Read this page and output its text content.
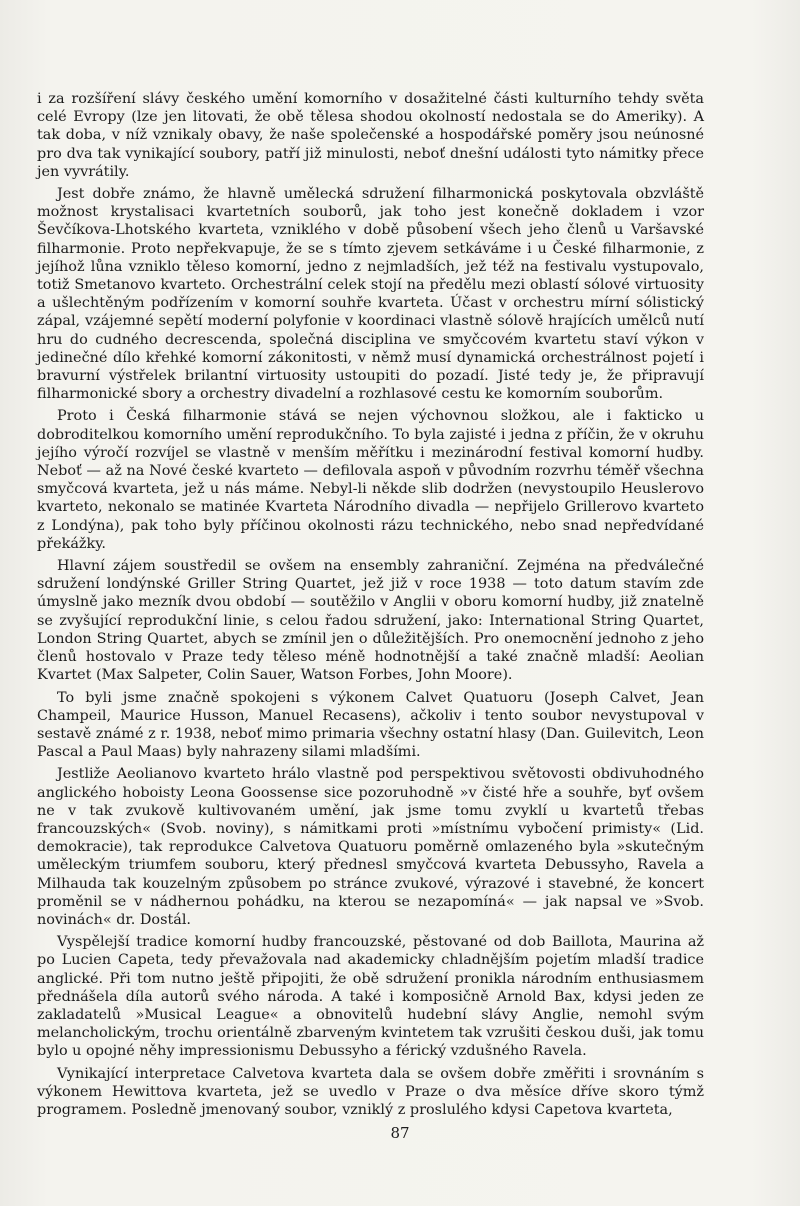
i za rozšíření slávy českého umění komorního v dosažitelné části kulturního tehdy světa celé Evropy (lze jen litovati, že obě tělesa shodou okolností nedostala se do Ameriky). A tak doba, v níž vznikaly obavy, že naše společenské a hospodářské poměry jsou neúnosné pro dva tak vynikající soubory, patří již minulosti, neboť dnešní události tyto námitky přece jen vyvrátily.

Jest dobře známo, že hlavně umělecká sdružení filharmonická poskytovala obzvláště možnost krystalisaci kvartetních souborů, jak toho jest konečně dokladem i vzor Ševčíkova-Lhotského kvarteta, vzniklého v době působení všech jeho členů u Varšavské filharmonie. Proto nepřekvapuje, že se s tímto zjevem setkáváme i u České filharmonie, z jejíhož lůna vzniklo těleso komorní, jedno z nejmladších, jež též na festivalu vystupovalo, totiž Smetanovo kvarteto. Orchestrální celek stojí na předělu mezi oblastí sólové virtuosity a ušlechtěným podřízením v komorní souhře kvarteta. Účast v orchestru mírní sólistický zápal, vzájemné sepětí moderní polyfonie v koordinaci vlastně sólově hrajících umělců nutí hru do cudného decrescenda, společná disciplina ve smyčcovém kvartetu staví výkon v jedinečné dílo křehké komorní zákonitosti, v němž musí dynamická orchestrálnost pojetí i bravurní výstřelek brilantní virtuosity ustoupiti do pozadí. Jisté tedy je, že připravují filharmonické sbory a orchestry divadelní a rozhlasové cestu ke komorním souborům.

Proto i Česká filharmonie stává se nejen výchovnou složkou, ale i fakticko u dobroditelkou komorního umění reprodukčního. To byla zajisté i jedna z příčin, že v okruhu jejího výročí rozvíjel se vlastně v menším měřítku i mezinárodní festival komorní hudby. Neboť — až na Nové české kvarteto — defilovala aspoň v původním rozvrhu téměř všechna smyčcová kvarteta, jež u nás máme. Nebyl-li někde slib dodržen (nevystoupilo Heuslerovo kvarteto, nekonalo se matinée Kvarteta Národního divadla — nepřijelo Grillerovo kvarteto z Londýna), pak toho byly příčinou okolnosti rázu technického, nebo snad nepředvídané překážky.

Hlavní zájem soustředil se ovšem na ensembly zahraniční. Zejména na předválečné sdružení londýnské Griller String Quartet, jež již v roce 1938 — toto datum stavím zde úmyslně jako mezník dvou období — soutěžilo v Anglii v oboru komorní hudby, již znatelně se zvyšující reprodukční linie, s celou řadou sdružení, jako: International String Quartet, London String Quartet, abych se zmínil jen o důležitějších. Pro onemocnění jednoho z jeho členů hostovalo v Praze tedy těleso méně hodnotnější a také značně mladší: Aeolian Kvartet (Max Salpeter, Colin Sauer, Watson Forbes, John Moore).

To byli jsme značně spokojeni s výkonem Calvet Quatuoru (Joseph Calvet, Jean Champeil, Maurice Husson, Manuel Recasens), ačkoliv i tento soubor nevystupoval v sestavě známé z r. 1938, neboť mimo primaria všechny ostatní hlasy (Dan. Guilevitch, Leon Pascal a Paul Maas) byly nahrazeny silami mladšími.

Jestliže Aeolianovo kvarteto hrálo vlastně pod perspektivou světovosti obdivuhodného anglického hoboisty Leona Goossense sice pozoruhodně »v čisté hře a souhře, byť ovšem ne v tak zvukově kultivovaném umění, jak jsme tomu zvyklí u kvartetů třebas francouzských« (Svob. noviny), s námitkami proti »místnímu vybočení primisty« (Lid. demokracie), tak reprodukce Calvetova Quatuoru poměrně omlazeného byla »skutečným uměleckým triumfem souboru, který přednesl smyčcová kvarteta Debussyho, Ravela a Milhauda tak kouzelným způsobem po stránce zvukové, výrazové i stavebné, že koncert proměnil se v nádhernou pohádku, na kterou se nezapomíná« — jak napsal ve »Svob. novinách« dr. Dostál.

Vyspělejší tradice komorní hudby francouzské, pěstované od dob Baillota, Maurina až po Lucien Capeta, tedy převažovala nad akademicky chladnějším pojetím mladší tradice anglické. Při tom nutno ještě připojiti, že obě sdružení pronikla národním enthusiasmem přednášela díla autorů svého národa. A také i komposičně Arnold Bax, kdysi jeden ze zakladatelů »Musical League« a obnovitelů hudební slávy Anglie, nemohl svým melancholickým, trochu orientálně zbarveným kvintetem tak vzrušiti českou duši, jak tomu bylo u opojné něhy impressionismu Debussyho a férický vzdušného Ravela.

Vynikající interpretace Calvetova kvarteta dala se ovšem dobře změřiti i srovnáním s výkonem Hewittova kvarteta, jež se uvedlo v Praze o dva měsíce dříve skoro týmž programem. Posledně jmenovaný soubor, vzniklý z proslulého kdysi Capetova kvarteta,

87
